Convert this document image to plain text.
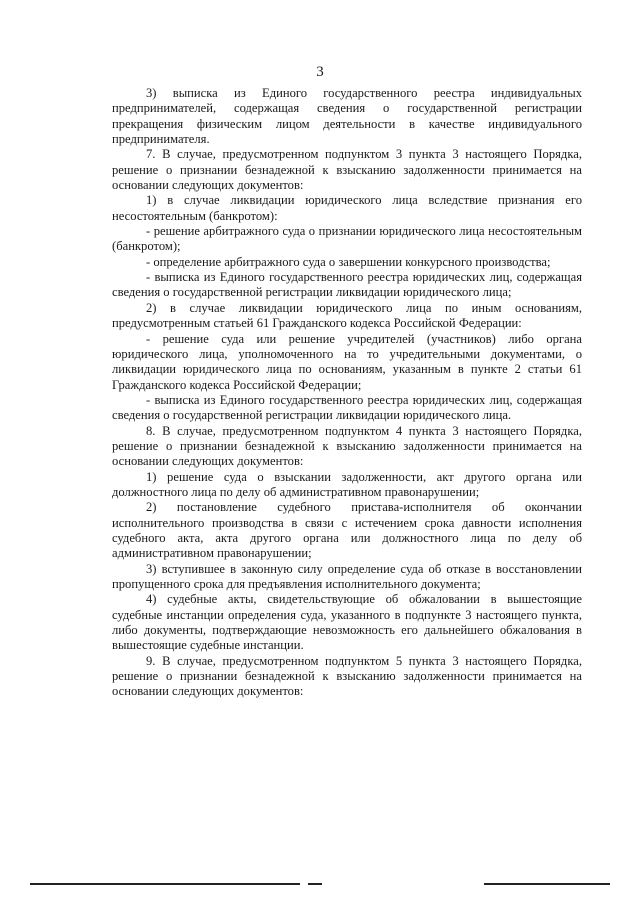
3

3) выписка из Единого государственного реестра индивидуальных предпринимателей, содержащая сведения о государственной регистрации прекращения физическим лицом деятельности в качестве индивидуального предпринимателя.

7. В случае, предусмотренном подпунктом 3 пункта 3 настоящего Порядка, решение о признании безнадежной к взысканию задолженности принимается на основании следующих документов:

1) в случае ликвидации юридического лица вследствие признания его несостоятельным (банкротом):

- решение арбитражного суда о признании юридического лица несостоятельным (банкротом);

- определение арбитражного суда о завершении конкурсного производства;

- выписка из Единого государственного реестра юридических лиц, содержащая сведения о государственной регистрации ликвидации юридического лица;

2) в случае ликвидации юридического лица по иным основаниям, предусмотренным статьей 61 Гражданского кодекса Российской Федерации:

- решение суда или решение учредителей (участников) либо органа юридического лица, уполномоченного на то учредительными документами, о ликвидации юридического лица по основаниям, указанным в пункте 2 статьи 61 Гражданского кодекса Российской Федерации;

- выписка из Единого государственного реестра юридических лиц, содержащая сведения о государственной регистрации ликвидации юридического лица.

8. В случае, предусмотренном подпунктом 4 пункта 3 настоящего Порядка, решение о признании безнадежной к взысканию задолженности принимается на основании следующих документов:

1) решение суда о взыскании задолженности, акт другого органа или должностного лица по делу об административном правонарушении;

2) постановление судебного пристава-исполнителя об окончании исполнительного производства в связи с истечением срока давности исполнения судебного акта, акта другого органа или должностного лица по делу об административном правонарушении;

3) вступившее в законную силу определение суда об отказе в восстановлении пропущенного срока для предъявления исполнительного документа;

4) судебные акты, свидетельствующие об обжаловании в вышестоящие судебные инстанции определения суда, указанного в подпункте 3 настоящего пункта, либо документы, подтверждающие невозможность его дальнейшего обжалования в вышестоящие судебные инстанции.

9. В случае, предусмотренном подпунктом 5 пункта 3 настоящего Порядка, решение о признании безнадежной к взысканию задолженности принимается на основании следующих документов:
